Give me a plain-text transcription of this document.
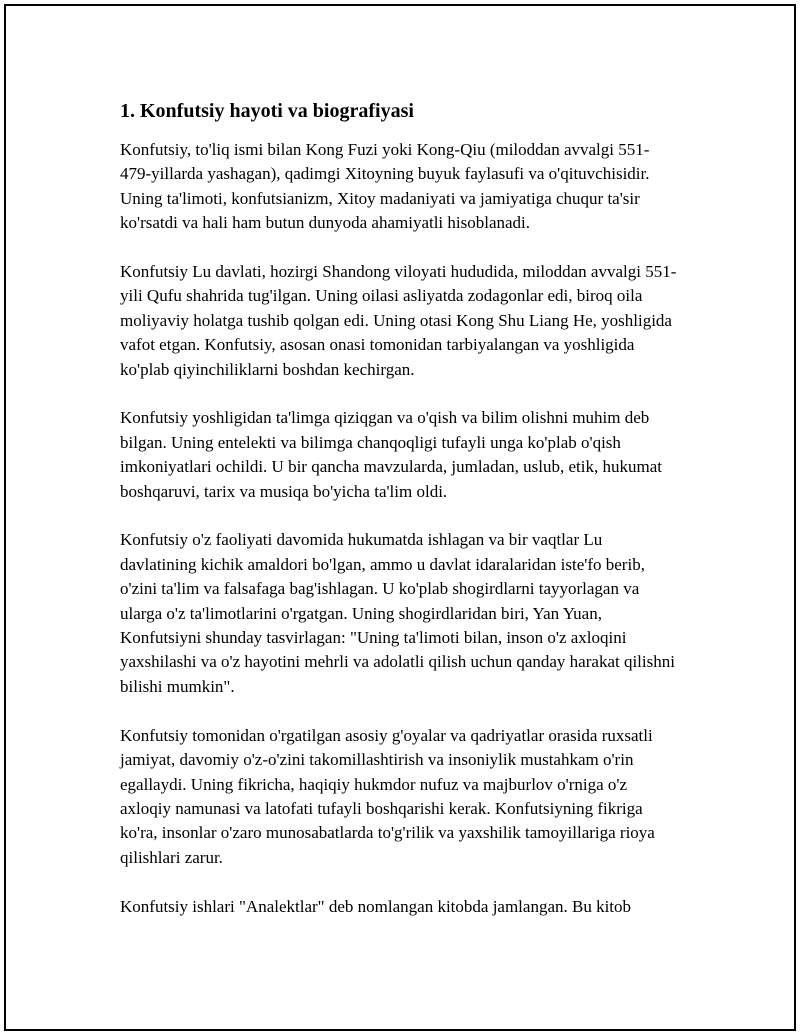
1. Konfutsiy hayoti va biografiyasi

Konfutsiy, to'liq ismi bilan Kong Fuzi yoki Kong-Qiu (miloddan avvalgi 551-479-yillarda yashagan), qadimgi Xitoyning buyuk faylasufi va o'qituvchisidir. Uning ta'limoti, konfutsianizm, Xitoy madaniyati va jamiyatiga chuqur ta'sir ko'rsatdi va hali ham butun dunyoda ahamiyatli hisoblanadi.

Konfutsiy Lu davlati, hozirgi Shandong viloyati hududida, miloddan avvalgi 551-yili Qufu shahrida tug'ilgan. Uning oilasi asliyatda zodagonlar edi, biroq oila moliyaviy holatga tushib qolgan edi. Uning otasi Kong Shu Liang He, yoshligida vafot etgan. Konfutsiy, asosan onasi tomonidan tarbiyalangan va yoshligida ko'plab qiyinchiliklarni boshdan kechirgan.

Konfutsiy yoshligidan ta'limga qiziqgan va o'qish va bilim olishni muhim deb bilgan. Uning entelekti va bilimga chanqoqligi tufayli unga ko'plab o'qish imkoniyatlari ochildi. U bir qancha mavzularda, jumladan, uslub, etik, hukumat boshqaruvi, tarix va musiqa bo'yicha ta'lim oldi.

Konfutsiy o'z faoliyati davomida hukumatda ishlagan va bir vaqtlar Lu davlatining kichik amaldori bo'lgan, ammo u davlat idaralaridan iste'fo berib, o'zini ta'lim va falsafaga bag'ishlagan. U ko'plab shogirdlarni tayyorlagan va ularga o'z ta'limotlarini o'rgatgan. Uning shogirdlaridan biri, Yan Yuan, Konfutsiyni shunday tasvirlagan: "Uning ta'limoti bilan, inson o'z axloqini yaxshilashi va o'z hayotini mehrli va adolatli qilish uchun qanday harakat qilishni bilishi mumkin".

Konfutsiy tomonidan o'rgatilgan asosiy g'oyalar va qadriyatlar orasida ruxsatli jamiyat, davomiy o'z-o'zini takomillashtirish va insoniylik mustahkam o'rin egallaydi. Uning fikricha, haqiqiy hukmdor nufuz va majburlov o'rniga o'z axloqiy namunasi va latofati tufayli boshqarishi kerak. Konfutsiyning fikriga ko'ra, insonlar o'zaro munosabatlarda to'g'rilik va yaxshilik tamoyillariga rioya qilishlari zarur.

Konfutsiy ishlari "Analektlar" deb nomlangan kitobda jamlangan. Bu kitob
